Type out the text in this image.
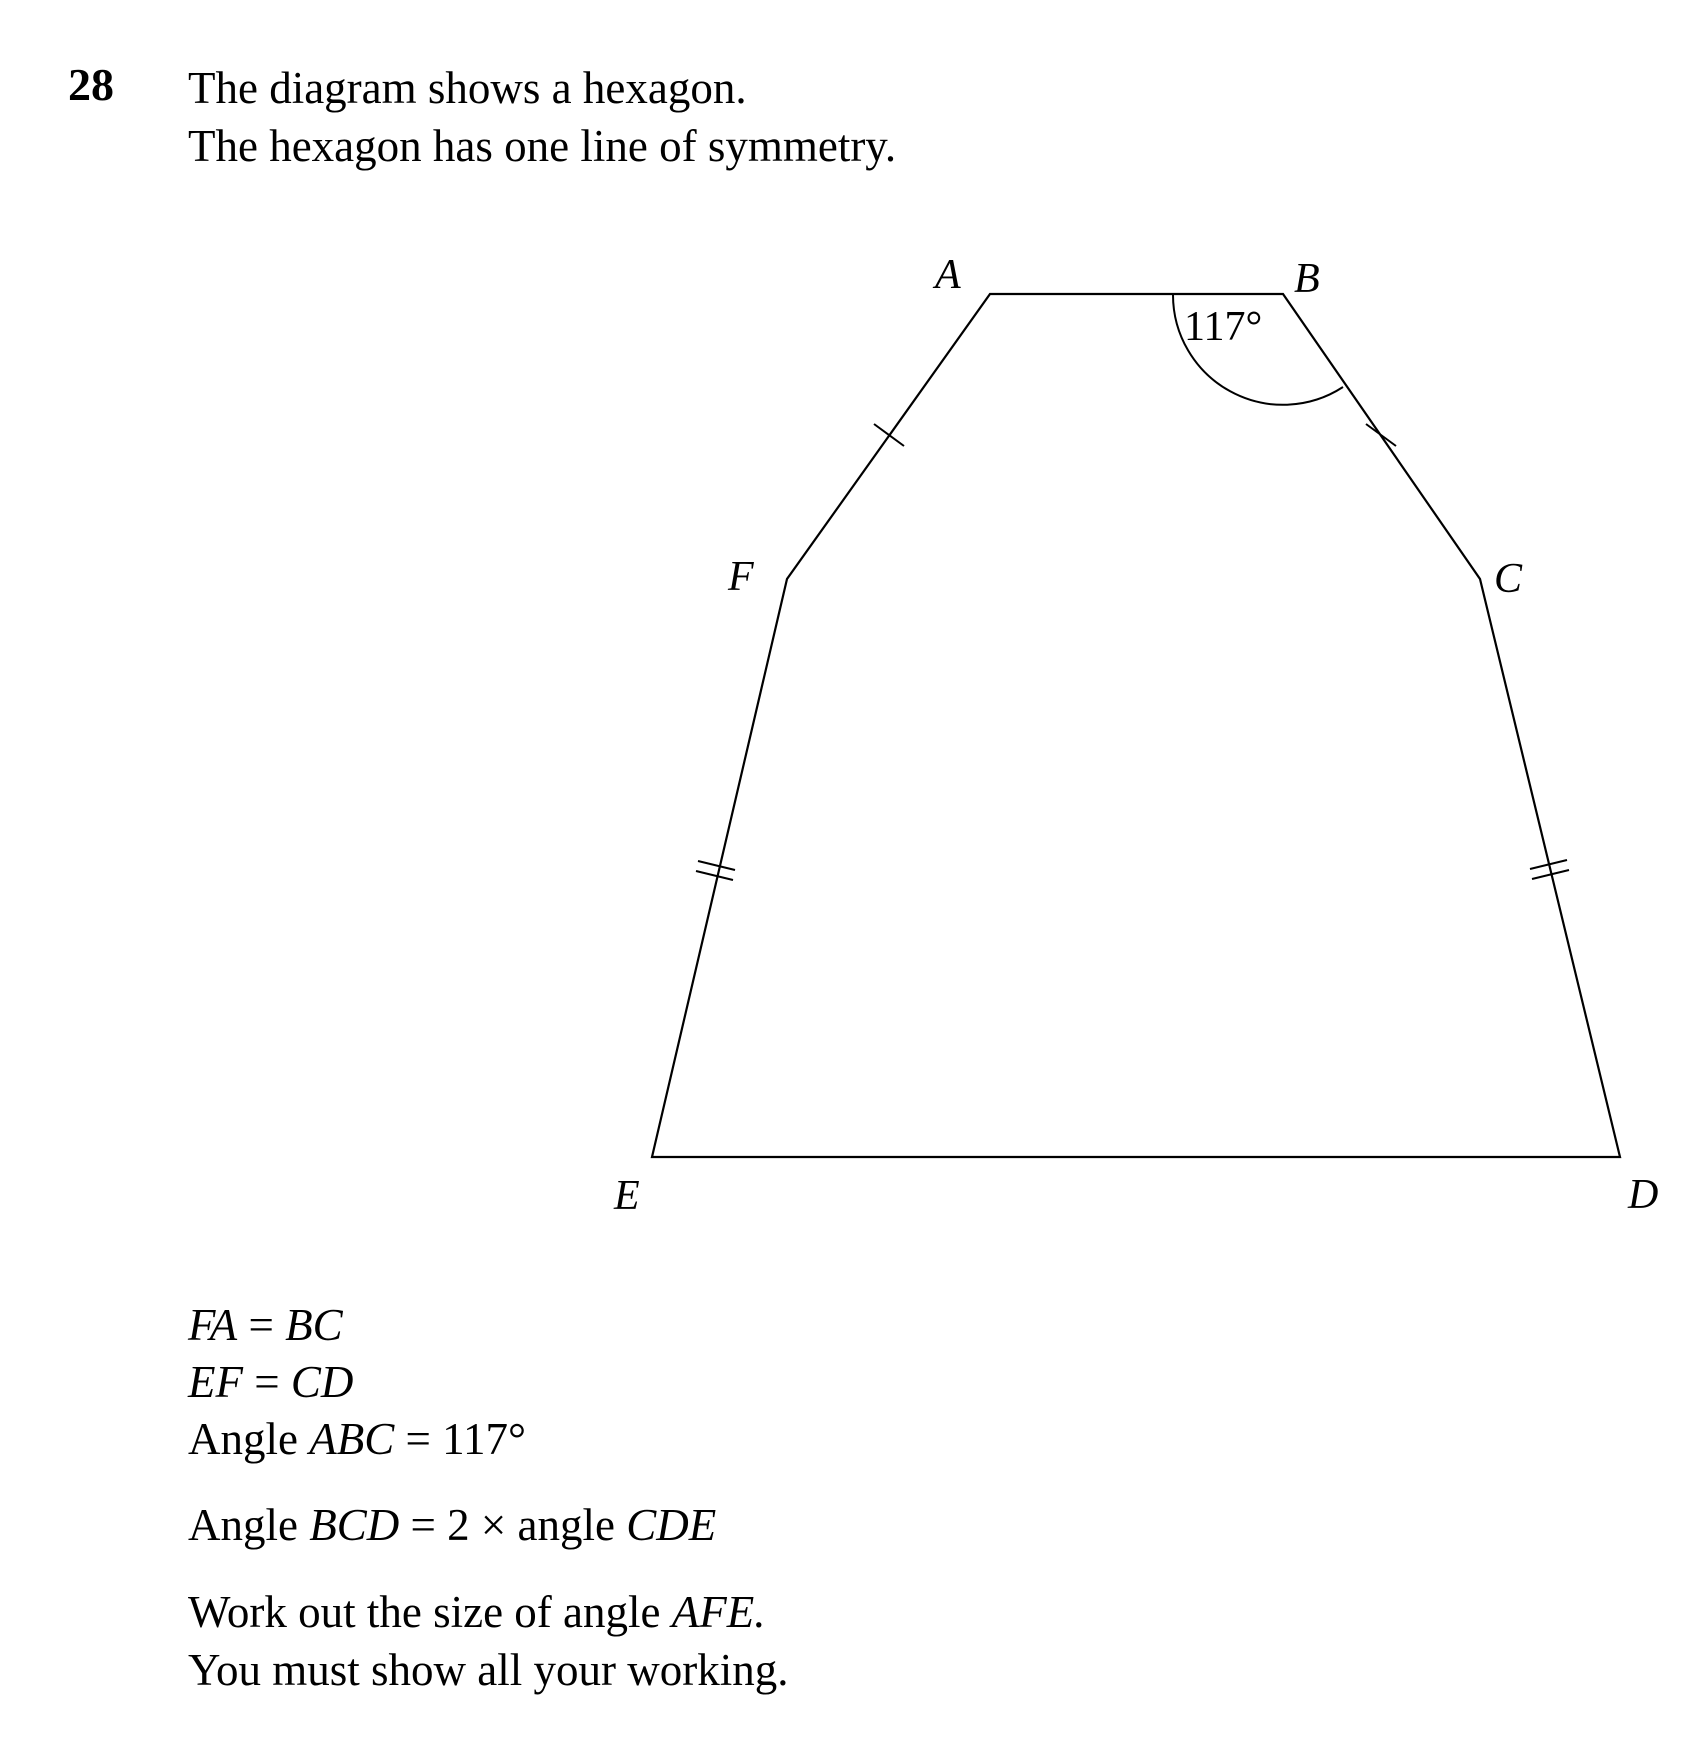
28 The diagram shows a hexagon.
The hexagon has one line of symmetry.
117°
A	B
C
D
E
F
FA = BC
EF = CD
Angle ABC = 117°
Angle BCD = 2 × angle CDE
Work out the size of angle AFE.
You must show all your working.
